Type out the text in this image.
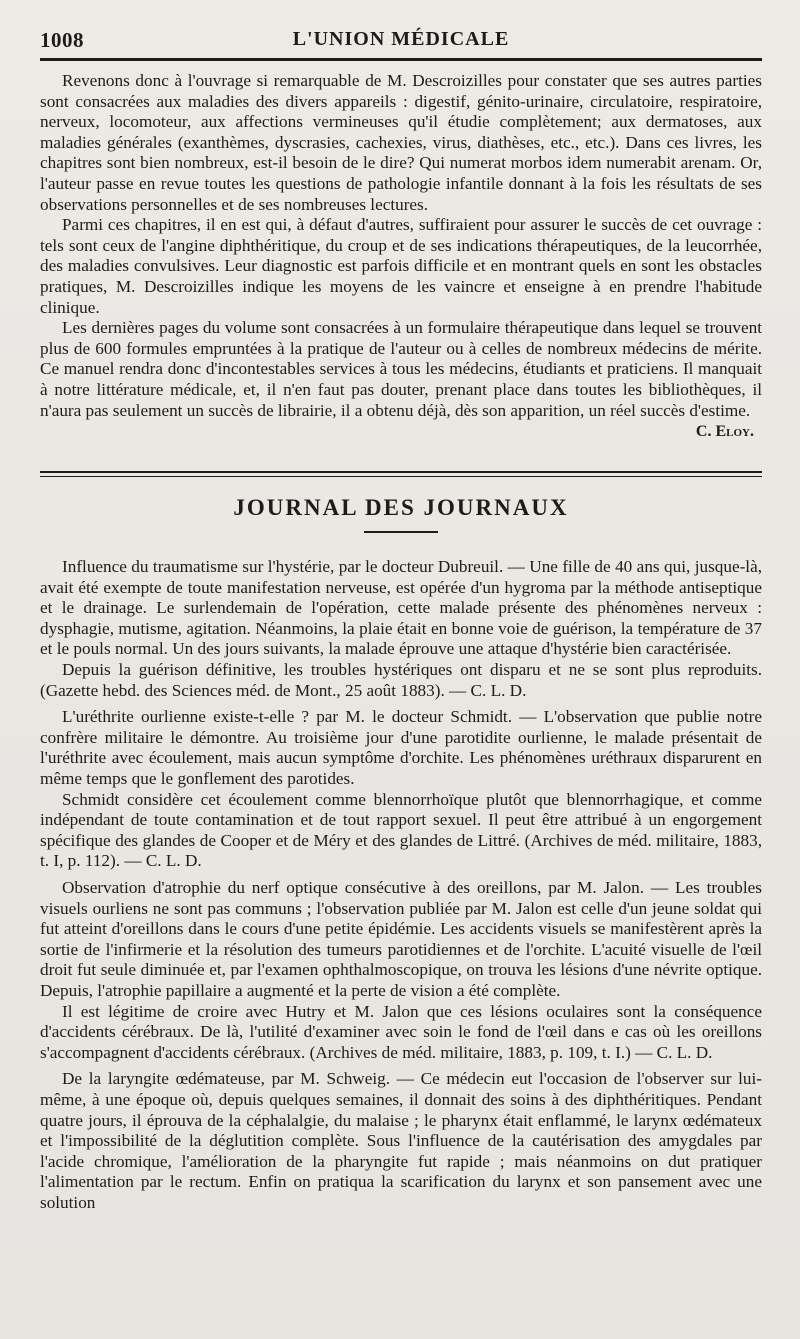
1008	L'UNION MÉDICALE

Revenons donc à l'ouvrage si remarquable de M. Descroizilles pour constater que ses autres parties sont consacrées aux maladies des divers appareils : digestif, génito-urinaire, circulatoire, respiratoire, nerveux, locomoteur, aux affections vermineuses qu'il étudie complètement; aux dermatoses, aux maladies générales (exanthèmes, dyscrasies, cachexies, virus, diathèses, etc., etc.). Dans ces livres, les chapitres sont bien nombreux, est-il besoin de le dire? Qui numerat morbos idem numerabit arenam. Or, l'auteur passe en revue toutes les questions de pathologie infantile donnant à la fois les résultats de ses observations personnelles et de ses nombreuses lectures.

Parmi ces chapitres, il en est qui, à défaut d'autres, suffiraient pour assurer le succès de cet ouvrage : tels sont ceux de l'angine diphthéritique, du croup et de ses indications thérapeutiques, de la leucorrhée, des maladies convulsives. Leur diagnostic est parfois difficile et en montrant quels en sont les obstacles pratiques, M. Descroizilles indique les moyens de les vaincre et enseigne à en prendre l'habitude clinique.

Les dernières pages du volume sont consacrées à un formulaire thérapeutique dans lequel se trouvent plus de 600 formules empruntées à la pratique de l'auteur ou à celles de nombreux médecins de mérite. Ce manuel rendra donc d'incontestables services à tous les médecins, étudiants et praticiens. Il manquait à notre littérature médicale, et, il n'en faut pas douter, prenant place dans toutes les bibliothèques, il n'aura pas seulement un succès de librairie, il a obtenu déjà, dès son apparition, un réel succès d'estime.

C. Eloy.
JOURNAL DES JOURNAUX

Influence du traumatisme sur l'hystérie, par le docteur Dubreuil. — Une fille de 40 ans qui, jusque-là, avait été exempte de toute manifestation nerveuse, est opérée d'un hygroma par la méthode antiseptique et le drainage. Le surlendemain de l'opération, cette malade présente des phénomènes nerveux : dysphagie, mutisme, agitation. Néanmoins, la plaie était en bonne voie de guérison, la température de 37 et le pouls normal. Un des jours suivants, la malade éprouve une attaque d'hystérie bien caractérisée.

Depuis la guérison définitive, les troubles hystériques ont disparu et ne se sont plus reproduits. (Gazette hebd. des Sciences méd. de Mont., 25 août 1883). — C. L. D.

L'uréthrite ourlienne existe-t-elle ? par M. le docteur Schmidt. — L'observation que publie notre confrère militaire le démontre. Au troisième jour d'une parotidite ourlienne, le malade présentait de l'uréthrite avec écoulement, mais aucun symptôme d'orchite. Les phénomènes uréthraux disparurent en même temps que le gonflement des parotides.

Schmidt considère cet écoulement comme blennorrhoïque plutôt que blennorrhagique, et comme indépendant de toute contamination et de tout rapport sexuel. Il peut être attribué à un engorgement spécifique des glandes de Cooper et de Méry et des glandes de Littré. (Archives de méd. militaire, 1883, t. I, p. 112). — C. L. D.

Observation d'atrophie du nerf optique consécutive à des oreillons, par M. Jalon. — Les troubles visuels ourliens ne sont pas communs ; l'observation publiée par M. Jalon est celle d'un jeune soldat qui fut atteint d'oreillons dans le cours d'une petite épidémie. Les accidents visuels se manifestèrent après la sortie de l'infirmerie et la résolution des tumeurs parotidiennes et de l'orchite. L'acuité visuelle de l'œil droit fut seule diminuée et, par l'examen ophthalmoscopique, on trouva les lésions d'une névrite optique. Depuis, l'atrophie papillaire a augmenté et la perte de vision a été complète.

Il est légitime de croire avec Hutry et M. Jalon que ces lésions oculaires sont la conséquence d'accidents cérébraux. De là, l'utilité d'examiner avec soin le fond de l'œil dans e cas où les oreillons s'accompagnent d'accidents cérébraux. (Archives de méd. militaire, 1883, p. 109, t. I.) — C. L. D.

De la laryngite œdémateuse, par M. Schweig. — Ce médecin eut l'occasion de l'observer sur lui-même, à une époque où, depuis quelques semaines, il donnait des soins à des diphthéritiques. Pendant quatre jours, il éprouva de la céphalalgie, du malaise ; le pharynx était enflammé, le larynx œdémateux et l'impossibilité de la déglutition complète. Sous l'influence de la cautérisation des amygdales par l'acide chromique, l'amélioration de la pharyngite fut rapide ; mais néanmoins on dut pratiquer l'alimentation par le rectum. Enfin on pratiqua la scarification du larynx et son pansement avec une solution
